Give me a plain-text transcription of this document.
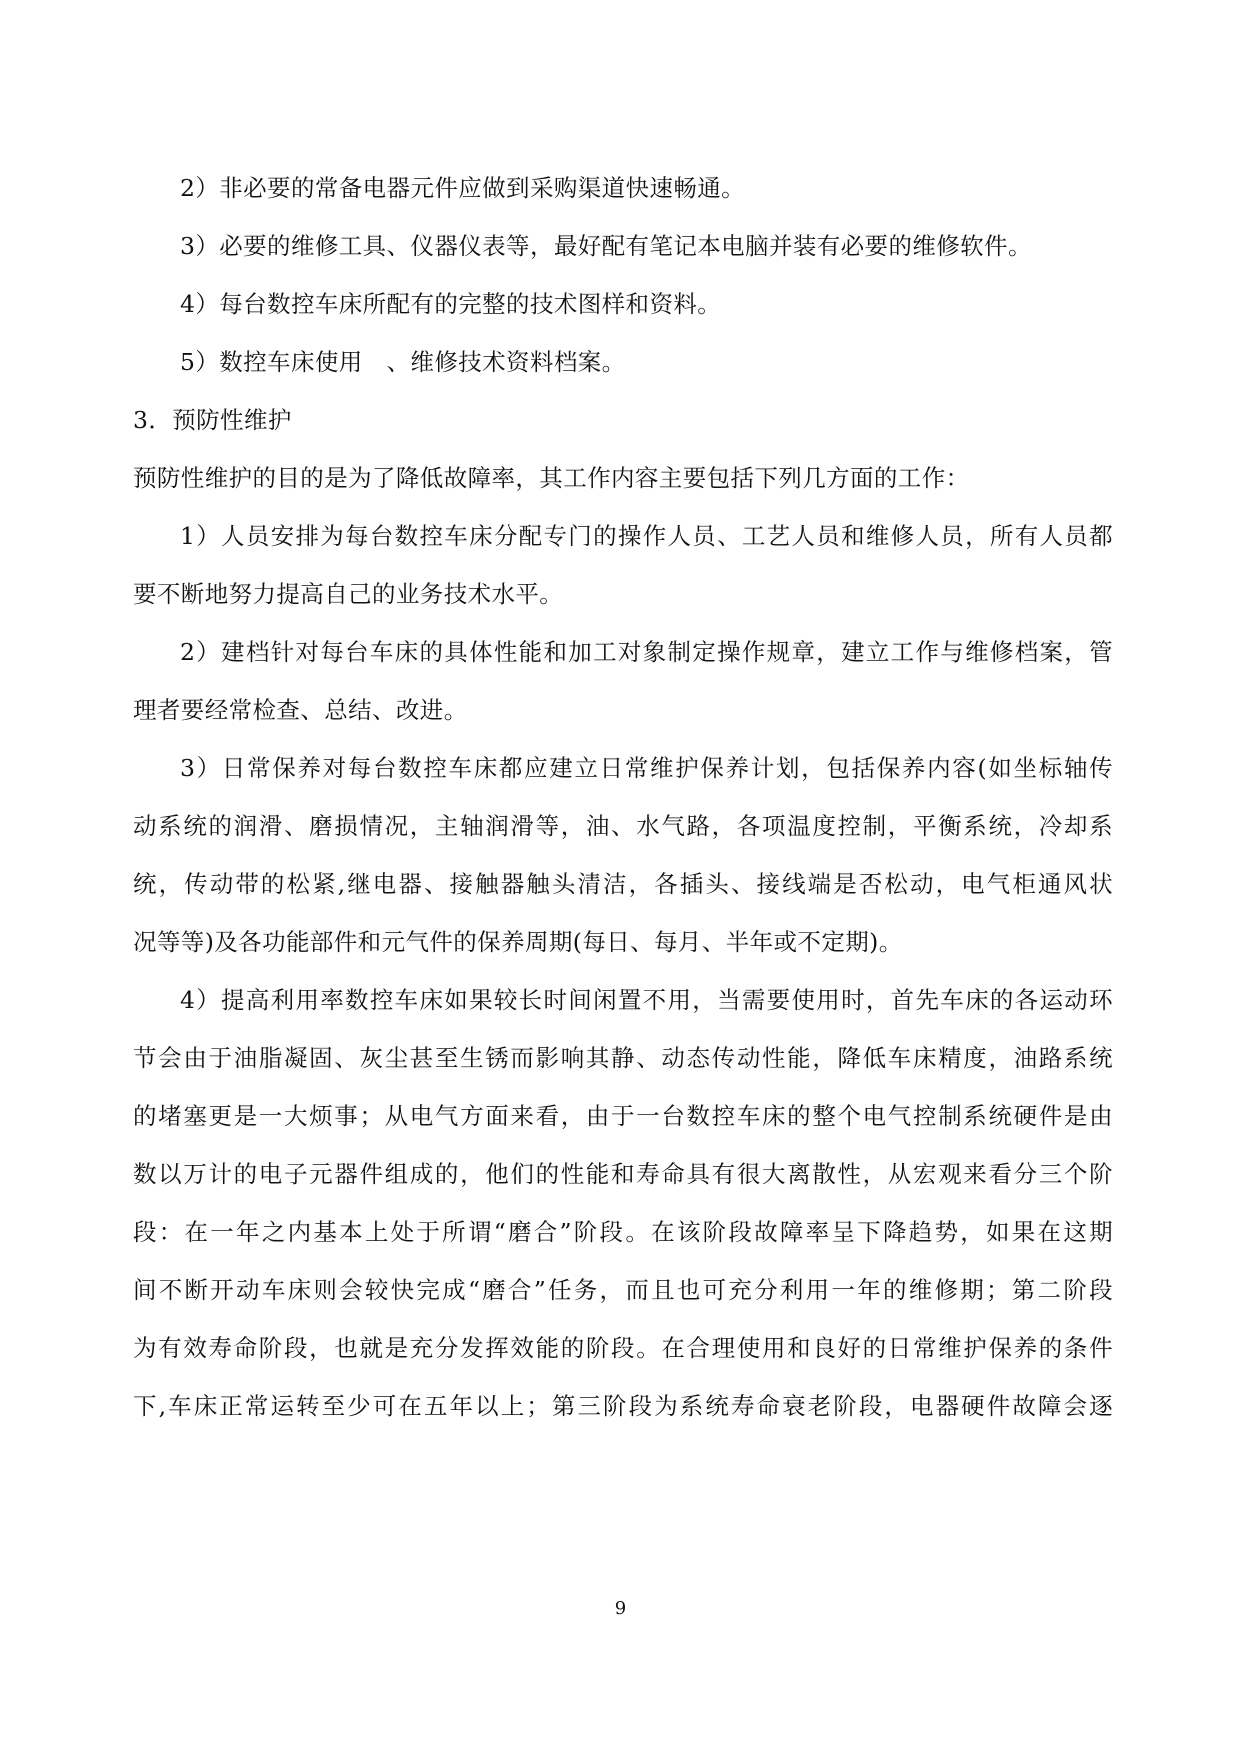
2）非必要的常备电器元件应做到采购渠道快速畅通。
3）必要的维修工具、仪器仪表等，最好配有笔记本电脑并装有必要的维修软件。
4）每台数控车床所配有的完整的技术图样和资料。
5）数控车床使用　、维修技术资料档案。
3．预防性维护
预防性维护的目的是为了降低故障率，其工作内容主要包括下列几方面的工作：
1）人员安排为每台数控车床分配专门的操作人员、工艺人员和维修人员，所有人员都
要不断地努力提高自己的业务技术水平。
2）建档针对每台车床的具体性能和加工对象制定操作规章，建立工作与维修档案，管
理者要经常检查、总结、改进。
3）日常保养对每台数控车床都应建立日常维护保养计划，包括保养内容(如坐标轴传
动系统的润滑、磨损情况，主轴润滑等，油、水气路，各项温度控制，平衡系统，冷却系
统，传动带的松紧,继电器、接触器触头清洁，各插头、接线端是否松动，电气柜通风状
况等等)及各功能部件和元气件的保养周期(每日、每月、半年或不定期)。
4）提高利用率数控车床如果较长时间闲置不用，当需要使用时，首先车床的各运动环
节会由于油脂凝固、灰尘甚至生锈而影响其静、动态传动性能，降低车床精度，油路系统
的堵塞更是一大烦事；从电气方面来看，由于一台数控车床的整个电气控制系统硬件是由
数以万计的电子元器件组成的，他们的性能和寿命具有很大离散性，从宏观来看分三个阶
段：在一年之内基本上处于所谓“磨合”阶段。在该阶段故障率呈下降趋势，如果在这期
间不断开动车床则会较快完成“磨合”任务，而且也可充分利用一年的维修期；第二阶段
为有效寿命阶段，也就是充分发挥效能的阶段。在合理使用和良好的日常维护保养的条件
下,车床正常运转至少可在五年以上；第三阶段为系统寿命衰老阶段，电器硬件故障会逐
9
